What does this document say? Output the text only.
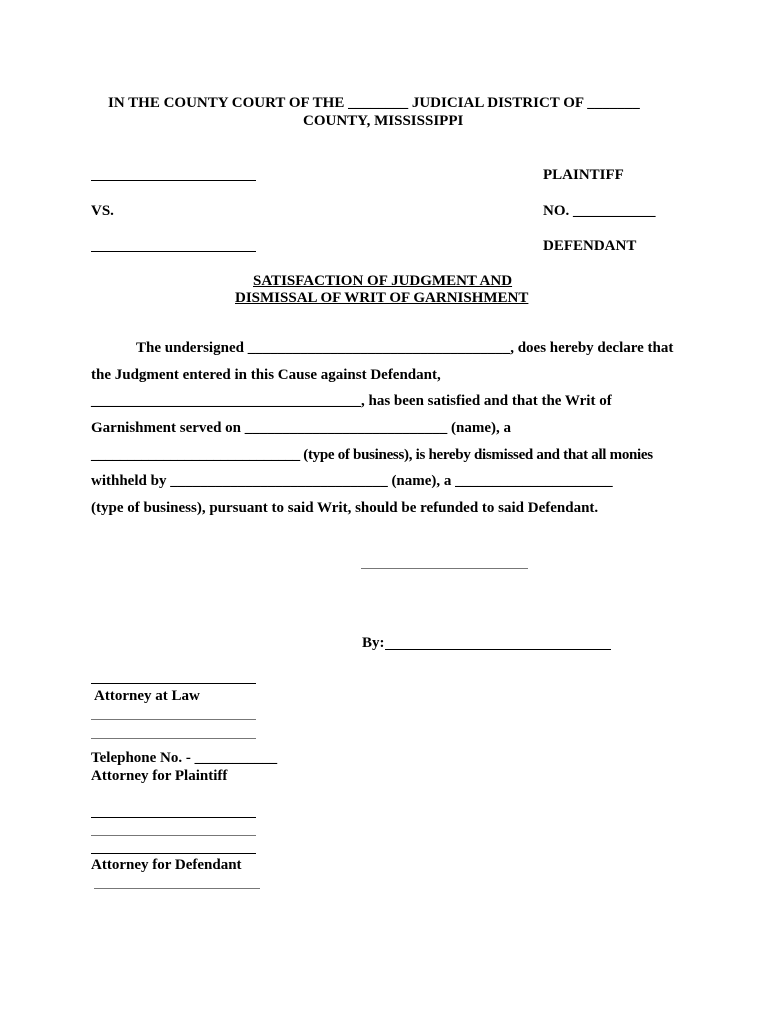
IN THE COUNTY COURT OF THE ________ JUDICIAL DISTRICT OF _______
COUNTY, MISSISSIPPI
PLAINTIFF
VS.	NO. ___________
DEFENDANT
SATISFACTION OF JUDGMENT AND
DISMISSAL OF WRIT OF GARNISHMENT
The undersigned ___________________________________, does hereby declare that
the Judgment entered in this Cause against Defendant,
____________________________________, has been satisfied and that the Writ of
Garnishment served on ___________________________ (name), a
_____________________________ (type of business), is hereby dismissed and that all monies
withheld by _____________________________ (name), a _____________________
(type of business), pursuant to said Writ, should be refunded to said Defendant.
By:
Attorney at Law
Telephone No. - ___________
Attorney for Plaintiff
Attorney for Defendant
